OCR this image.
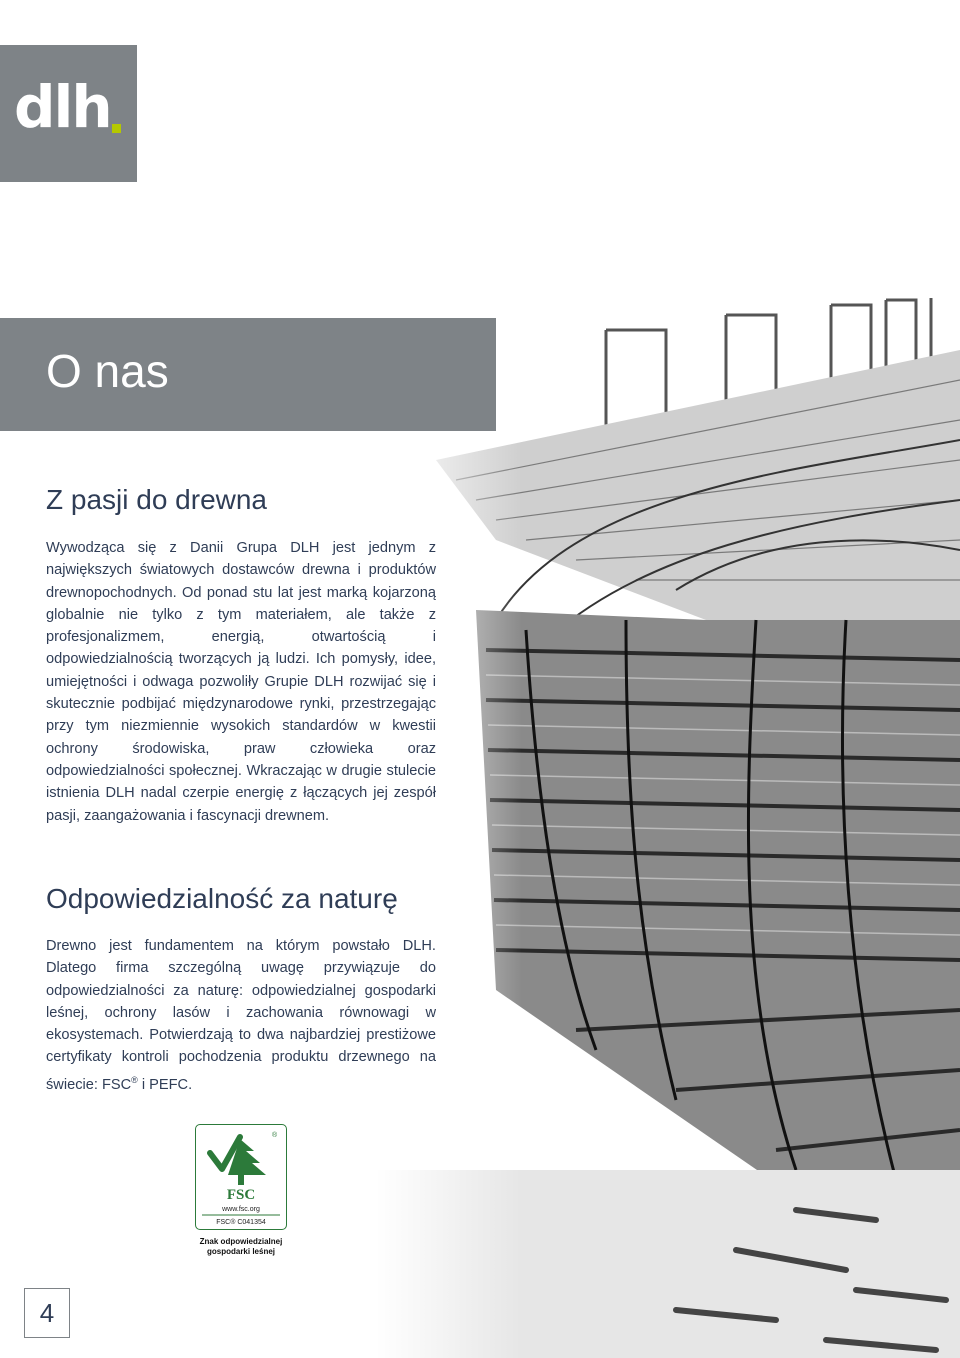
dlh
O nas
Z pasji do drewna

Wywodząca się z Danii Grupa DLH jest jednym z największych światowych dostawców drewna i produktów drewnopochodnych. Od ponad stu lat jest marką kojarzoną globalnie nie tylko z tym materiałem, ale także z profesjonalizmem, energią, otwartością i odpowiedzialnością tworzących ją ludzi. Ich pomysły, idee, umiejętności i odwaga pozwoliły Grupie DLH rozwijać się i skutecznie podbijać międzynarodowe rynki, przestrzegając przy tym niezmiennie wysokich standardów w kwestii ochrony środowiska, praw człowieka oraz odpowiedzialności społecznej. Wkraczając w drugie stulecie istnienia DLH nadal czerpie energię z łączących jej zespół pasji, zaangażowania i fascynacji drewnem.

Odpowiedzialność za naturę

Drewno jest fundamentem na którym powstało DLH. Dlatego firma szczególną uwagę przywiązuje do odpowiedzialności za naturę: odpowiedzialnej gospodarki leśnej, ochrony lasów i zachowania równowagi w ekosystemach. Potwierdzają to dwa najbardziej prestiżowe certyfikaty kontroli pochodzenia produktu drzewnego na świecie: FSC® i PEFC.

®
FSC
www.fsc.org
FSC® C041354
Znak odpowiedzialnej
gospodarki leśnej
4
